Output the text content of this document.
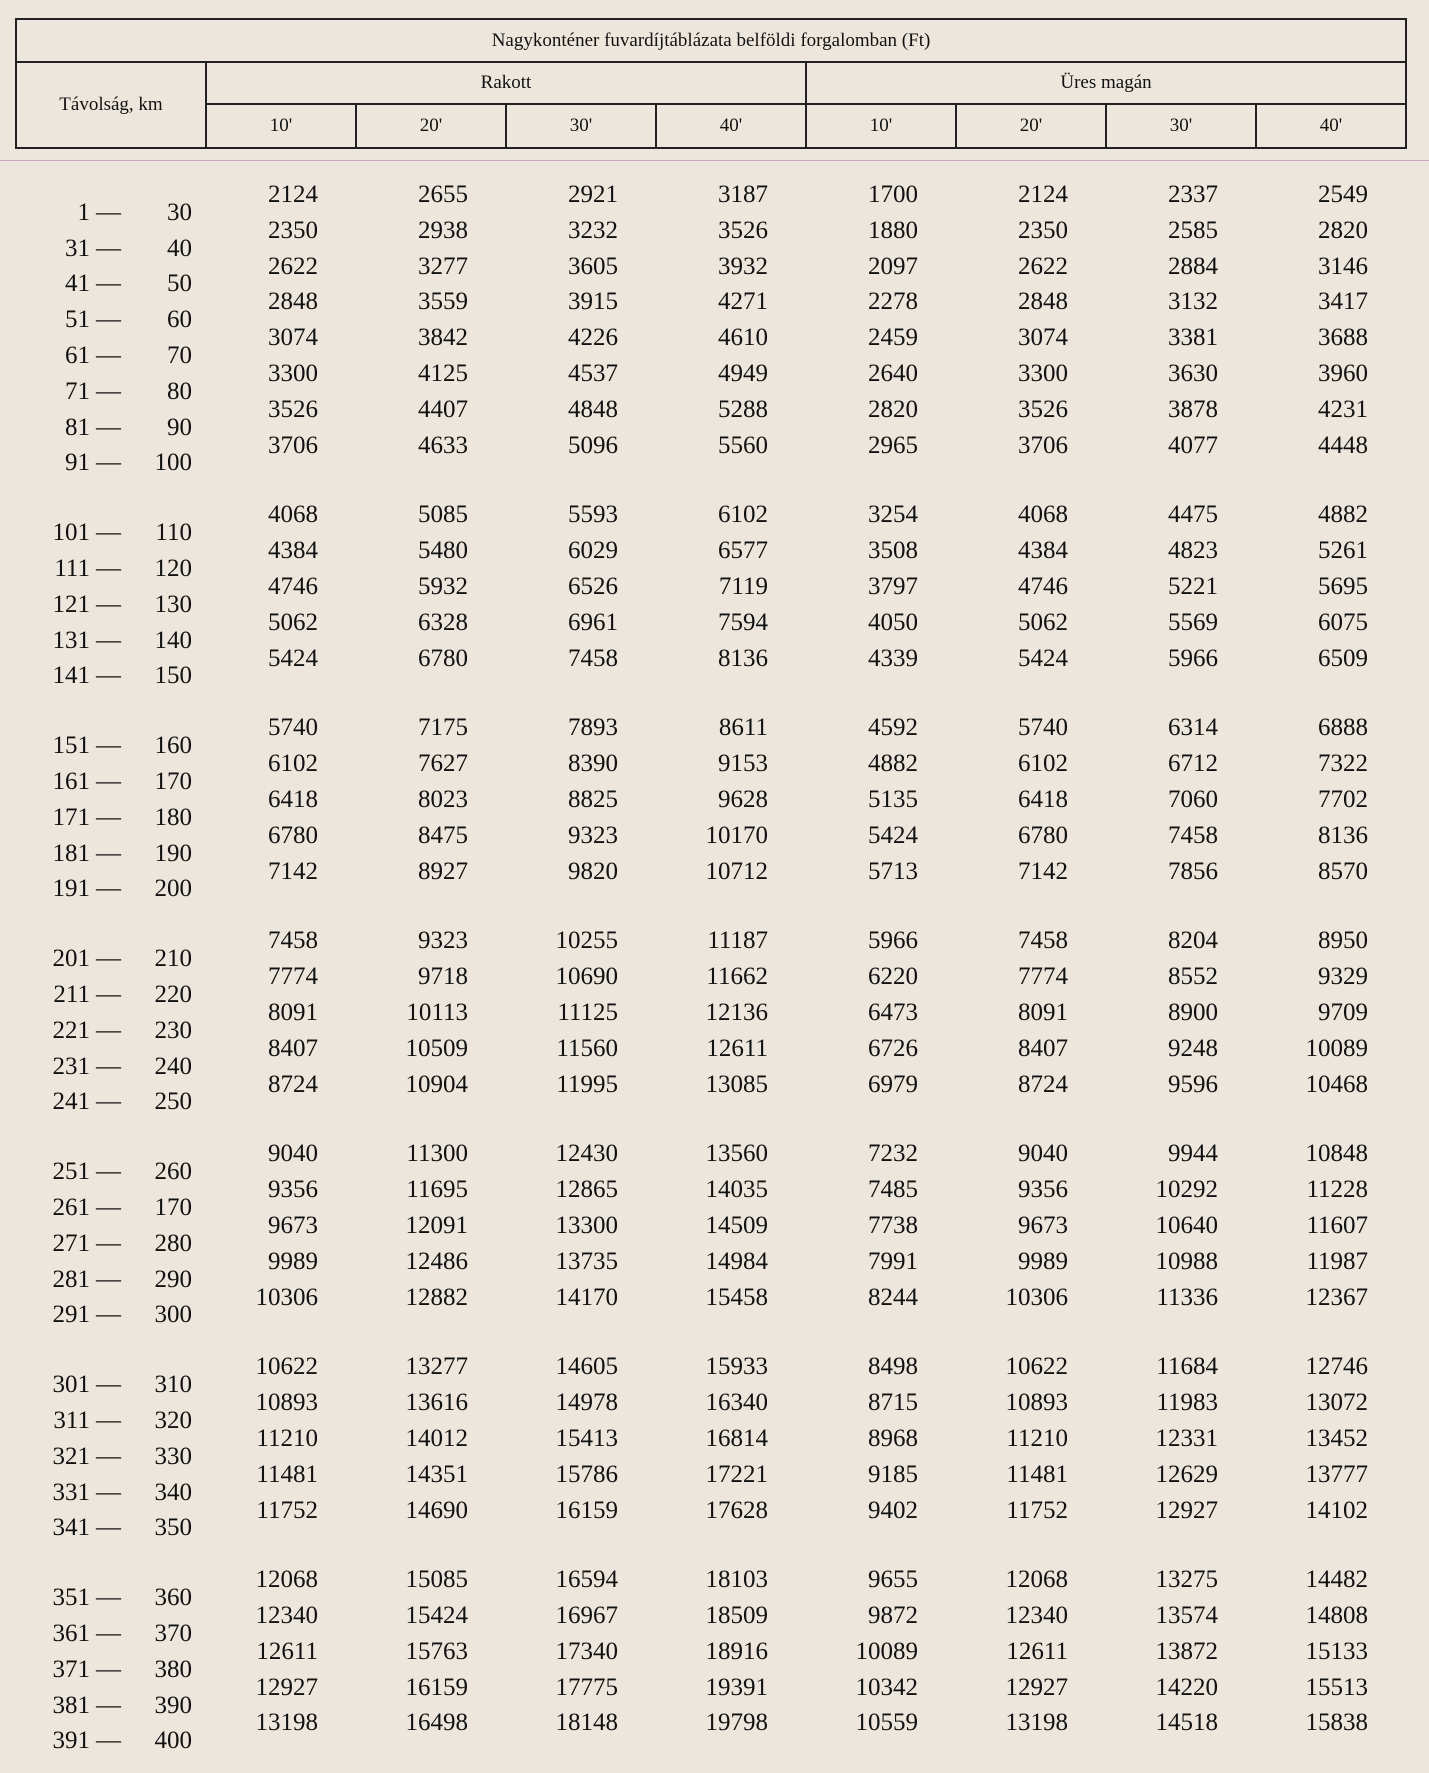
Nagykonténer fuvardíjtáblázata belföldi forgalomban (Ft)								
Távolság, km	Rakott				Üres magán			
	10'	20'	30'	40'	10'	20'	30'	40'

1 — 30	2124	2655	2921	3187	1700	2124	2337	2549

31 — 40	2350	2938	3232	3526	1880	2350	2585	2820

41 — 50	2622	3277	3605	3932	2097	2622	2884	3146

51 — 60	2848	3559	3915	4271	2278	2848	3132	3417

61 — 70	3074	3842	4226	4610	2459	3074	3381	3688

71 — 80	3300	4125	4537	4949	2640	3300	3630	3960

81 — 90	3526	4407	4848	5288	2820	3526	3878	4231

91 — 100	3706	4633	5096	5560	2965	3706	4077	4448

101 — 110	4068	5085	5593	6102	3254	4068	4475	4882

111 — 120	4384	5480	6029	6577	3508	4384	4823	5261

121 — 130	4746	5932	6526	7119	3797	4746	5221	5695

131 — 140	5062	6328	6961	7594	4050	5062	5569	6075

141 — 150	5424	6780	7458	8136	4339	5424	5966	6509

151 — 160	5740	7175	7893	8611	4592	5740	6314	6888

161 — 170	6102	7627	8390	9153	4882	6102	6712	7322

171 — 180	6418	8023	8825	9628	5135	6418	7060	7702

181 — 190	6780	8475	9323	10170	5424	6780	7458	8136

191 — 200	7142	8927	9820	10712	5713	7142	7856	8570

201 — 210	7458	9323	10255	11187	5966	7458	8204	8950

211 — 220	7774	9718	10690	11662	6220	7774	8552	9329

221 — 230	8091	10113	11125	12136	6473	8091	8900	9709

231 — 240	8407	10509	11560	12611	6726	8407	9248	10089

241 — 250	8724	10904	11995	13085	6979	8724	9596	10468

251 — 260	9040	11300	12430	13560	7232	9040	9944	10848

261 — 170	9356	11695	12865	14035	7485	9356	10292	11228

271 — 280	9673	12091	13300	14509	7738	9673	10640	11607

281 — 290	9989	12486	13735	14984	7991	9989	10988	11987

291 — 300	10306	12882	14170	15458	8244	10306	11336	12367

301 — 310	10622	13277	14605	15933	8498	10622	11684	12746

311 — 320	10893	13616	14978	16340	8715	10893	11983	13072

321 — 330	11210	14012	15413	16814	8968	11210	12331	13452

331 — 340	11481	14351	15786	17221	9185	11481	12629	13777

341 — 350	11752	14690	16159	17628	9402	11752	12927	14102

351 — 360	12068	15085	16594	18103	9655	12068	13275	14482

361 — 370	12340	15424	16967	18509	9872	12340	13574	14808

371 — 380	12611	15763	17340	18916	10089	12611	13872	15133

381 — 390	12927	16159	17775	19391	10342	12927	14220	15513

391 — 400	13198	16498	18148	19798	10559	13198	14518	15838
